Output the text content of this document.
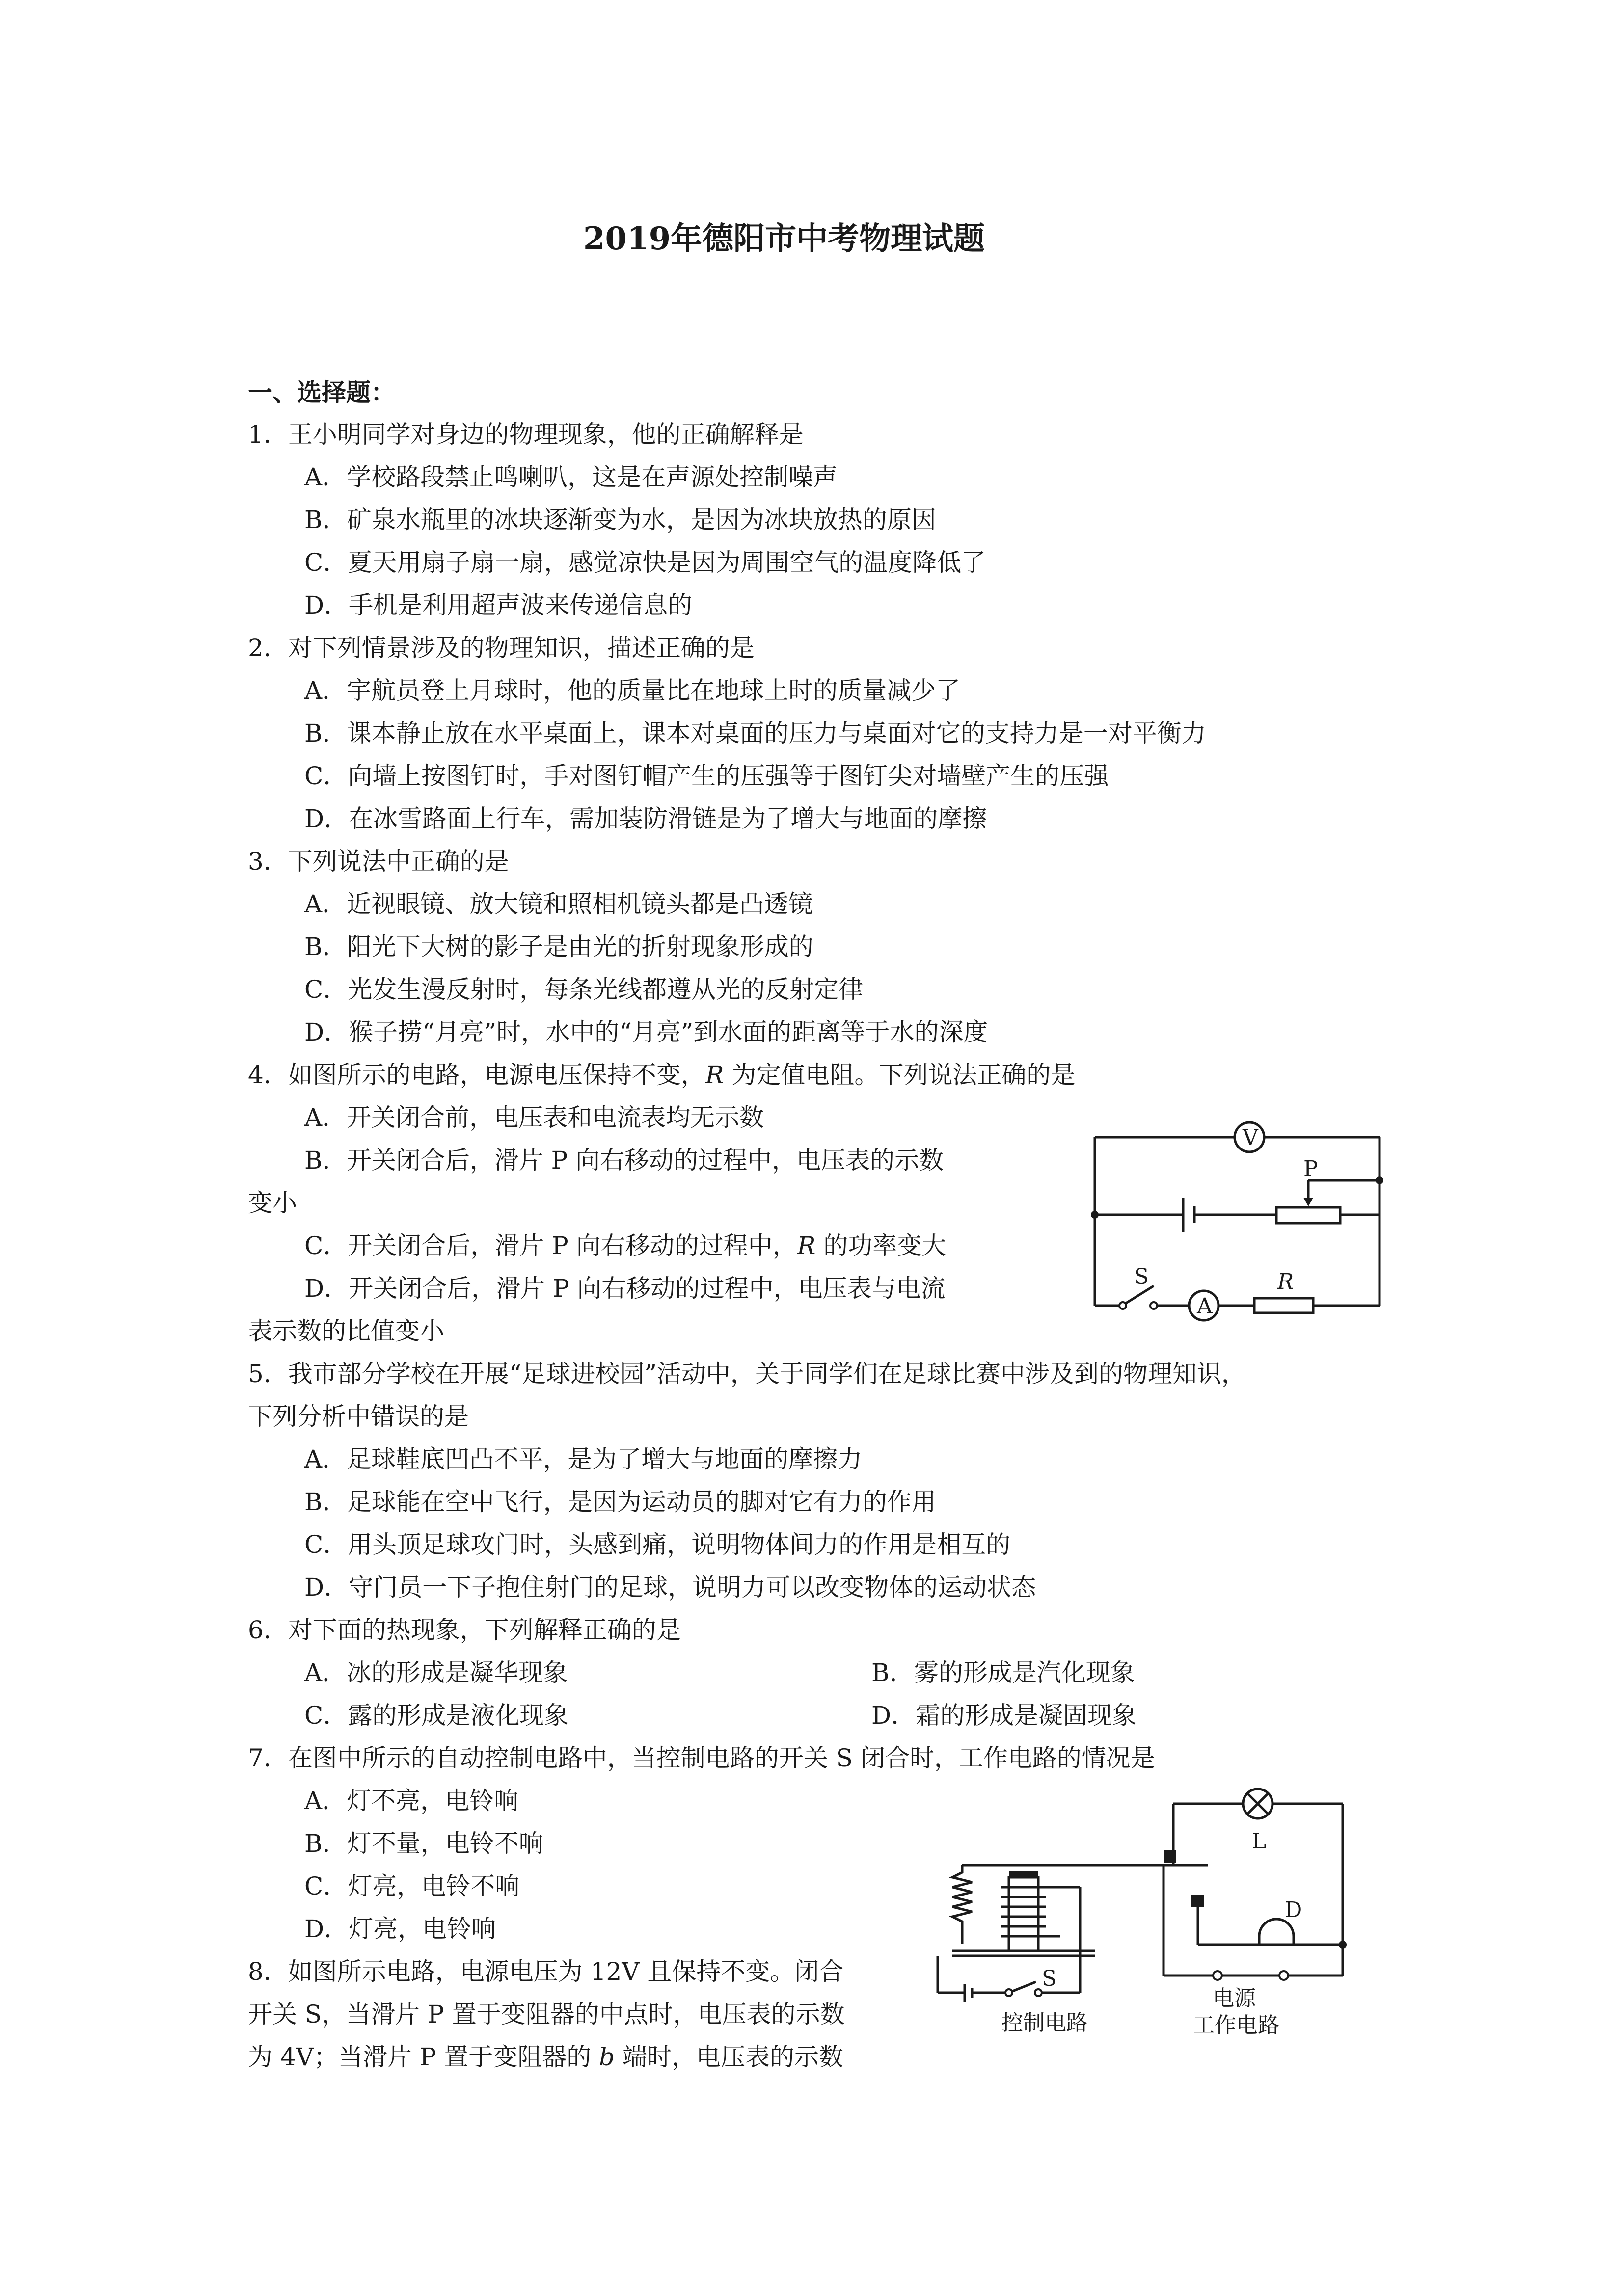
2019年德阳市中考物理试题
一、选择题：
1．王小明同学对身边的物理现象，他的正确解释是
A．学校路段禁止鸣喇叭，这是在声源处控制噪声
B．矿泉水瓶里的冰块逐渐变为水，是因为冰块放热的原因
C．夏天用扇子扇一扇，感觉凉快是因为周围空气的温度降低了
D．手机是利用超声波来传递信息的
2．对下列情景涉及的物理知识，描述正确的是
A．宇航员登上月球时，他的质量比在地球上时的质量减少了
B．课本静止放在水平桌面上，课本对桌面的压力与桌面对它的支持力是一对平衡力
C．向墙上按图钉时，手对图钉帽产生的压强等于图钉尖对墙壁产生的压强
D．在冰雪路面上行车，需加装防滑链是为了增大与地面的摩擦
3．下列说法中正确的是
A．近视眼镜、放大镜和照相机镜头都是凸透镜
B．阳光下大树的影子是由光的折射现象形成的
C．光发生漫反射时，每条光线都遵从光的反射定律
D．猴子捞“月亮”时，水中的“月亮”到水面的距离等于水的深度
4．如图所示的电路，电源电压保持不变，R 为定值电阻。下列说法正确的是
A．开关闭合前，电压表和电流表均无示数
B．开关闭合后，滑片 P 向右移动的过程中，电压表的示数
变小
C．开关闭合后，滑片 P 向右移动的过程中，R 的功率变大
D．开关闭合后，滑片 P 向右移动的过程中，电压表与电流
表示数的比值变小
V
P
S
A
R
5．我市部分学校在开展“足球进校园”活动中，关于同学们在足球比赛中涉及到的物理知识，
下列分析中错误的是
A．足球鞋底凹凸不平，是为了增大与地面的摩擦力
B．足球能在空中飞行，是因为运动员的脚对它有力的作用
C．用头顶足球攻门时，头感到痛，说明物体间力的作用是相互的
D．守门员一下子抱住射门的足球，说明力可以改变物体的运动状态
6．对下面的热现象，下列解释正确的是
A．冰的形成是凝华现象	B．雾的形成是汽化现象
C．露的形成是液化现象	D．霜的形成是凝固现象
7．在图中所示的自动控制电路中，当控制电路的开关 S 闭合时，工作电路的情况是
A．灯不亮，电铃响
B．灯不量，电铃不响
C．灯亮，电铃不响
D．灯亮，电铃响
L
D
S
电源
控制电路	工作电路
8．如图所示电路，电源电压为 12V 且保持不变。闭合
开关 S，当滑片 P 置于变阻器的中点时，电压表的示数
为 4V；当滑片 P 置于变阻器的 b 端时，电压表的示数
